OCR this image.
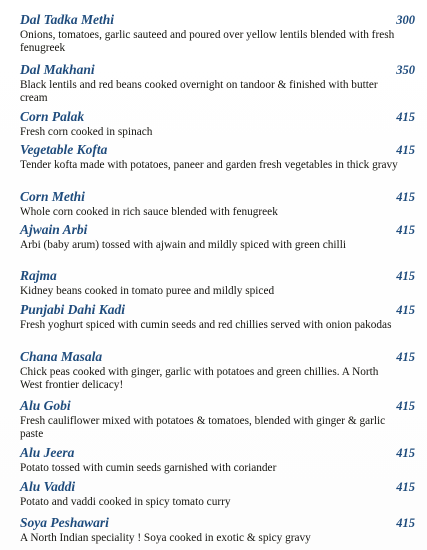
Dal Tadka Methi	300
Onions, tomatoes, garlic sauteed and poured over yellow lentils blended with fresh fenugreek
Dal Makhani	350
Black lentils and red beans cooked overnight on tandoor & finished with butter cream
Corn Palak	415
Fresh corn cooked in spinach
Vegetable Kofta	415
Tender kofta made with potatoes, paneer and garden fresh vegetables in thick gravy
Corn Methi	415
Whole corn cooked in rich sauce blended with fenugreek
Ajwain Arbi	415
Arbi (baby arum) tossed with ajwain and mildly spiced with green chilli
Rajma	415
Kidney beans cooked in tomato puree and mildly spiced
Punjabi Dahi Kadi	415
Fresh yoghurt spiced with cumin seeds and red chillies served with onion pakodas
Chana Masala	415
Chick peas cooked with ginger, garlic with potatoes and green chillies. A North West frontier delicacy!
Alu Gobi	415
Fresh cauliflower mixed with potatoes & tomatoes, blended with ginger & garlic paste
Alu Jeera	415
Potato tossed with cumin seeds garnished with coriander
Alu Vaddi	415
Potato and vaddi cooked in spicy tomato curry
Soya Peshawari	415
A North Indian speciality ! Soya cooked in exotic & spicy gravy
